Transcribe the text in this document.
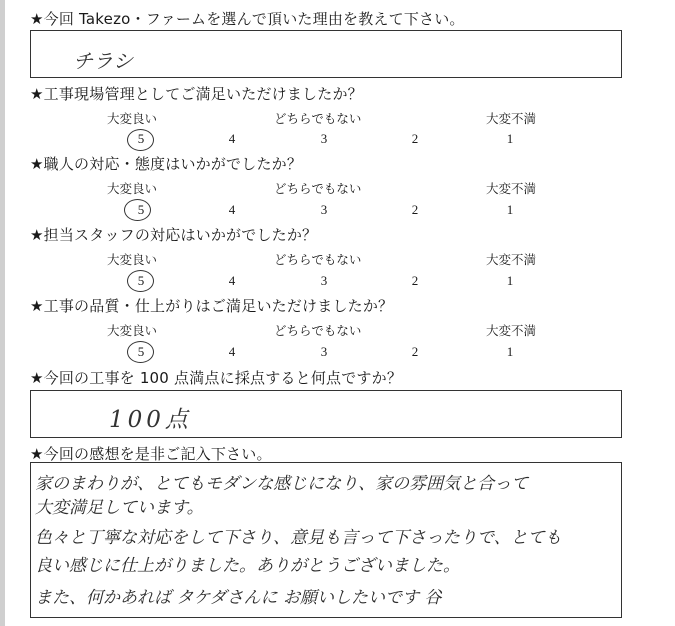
★今回 Takezo・ファームを選んで頂いた理由を教えて下さい。
チラシ
★工事現場管理としてご満足いただけましたか？
大変良い	どちらでもない	大変不満
5	4	3	2	1
★職人の対応・態度はいかがでしたか？
大変良い	どちらでもない	大変不満
5	4	3	2	1
★担当スタッフの対応はいかがでしたか？
大変良い	どちらでもない	大変不満
5	4	3	2	1
★工事の品質・仕上がりはご満足いただけましたか？
大変良い	どちらでもない	大変不満
5	4	3	2	1
★今回の工事を 100 点満点に採点すると何点ですか？
100点
★今回の感想を是非ご記入下さい。
家のまわりが、とてもモダンな感じになり、家の雰囲気と合って
大変満足しています。
色々と丁寧な対応をして下さり、意見も言って下さったりで、とても
良い感じに仕上がりました。ありがとうございました。
また、何かあれば タケダさんに お願いしたいです 谷
